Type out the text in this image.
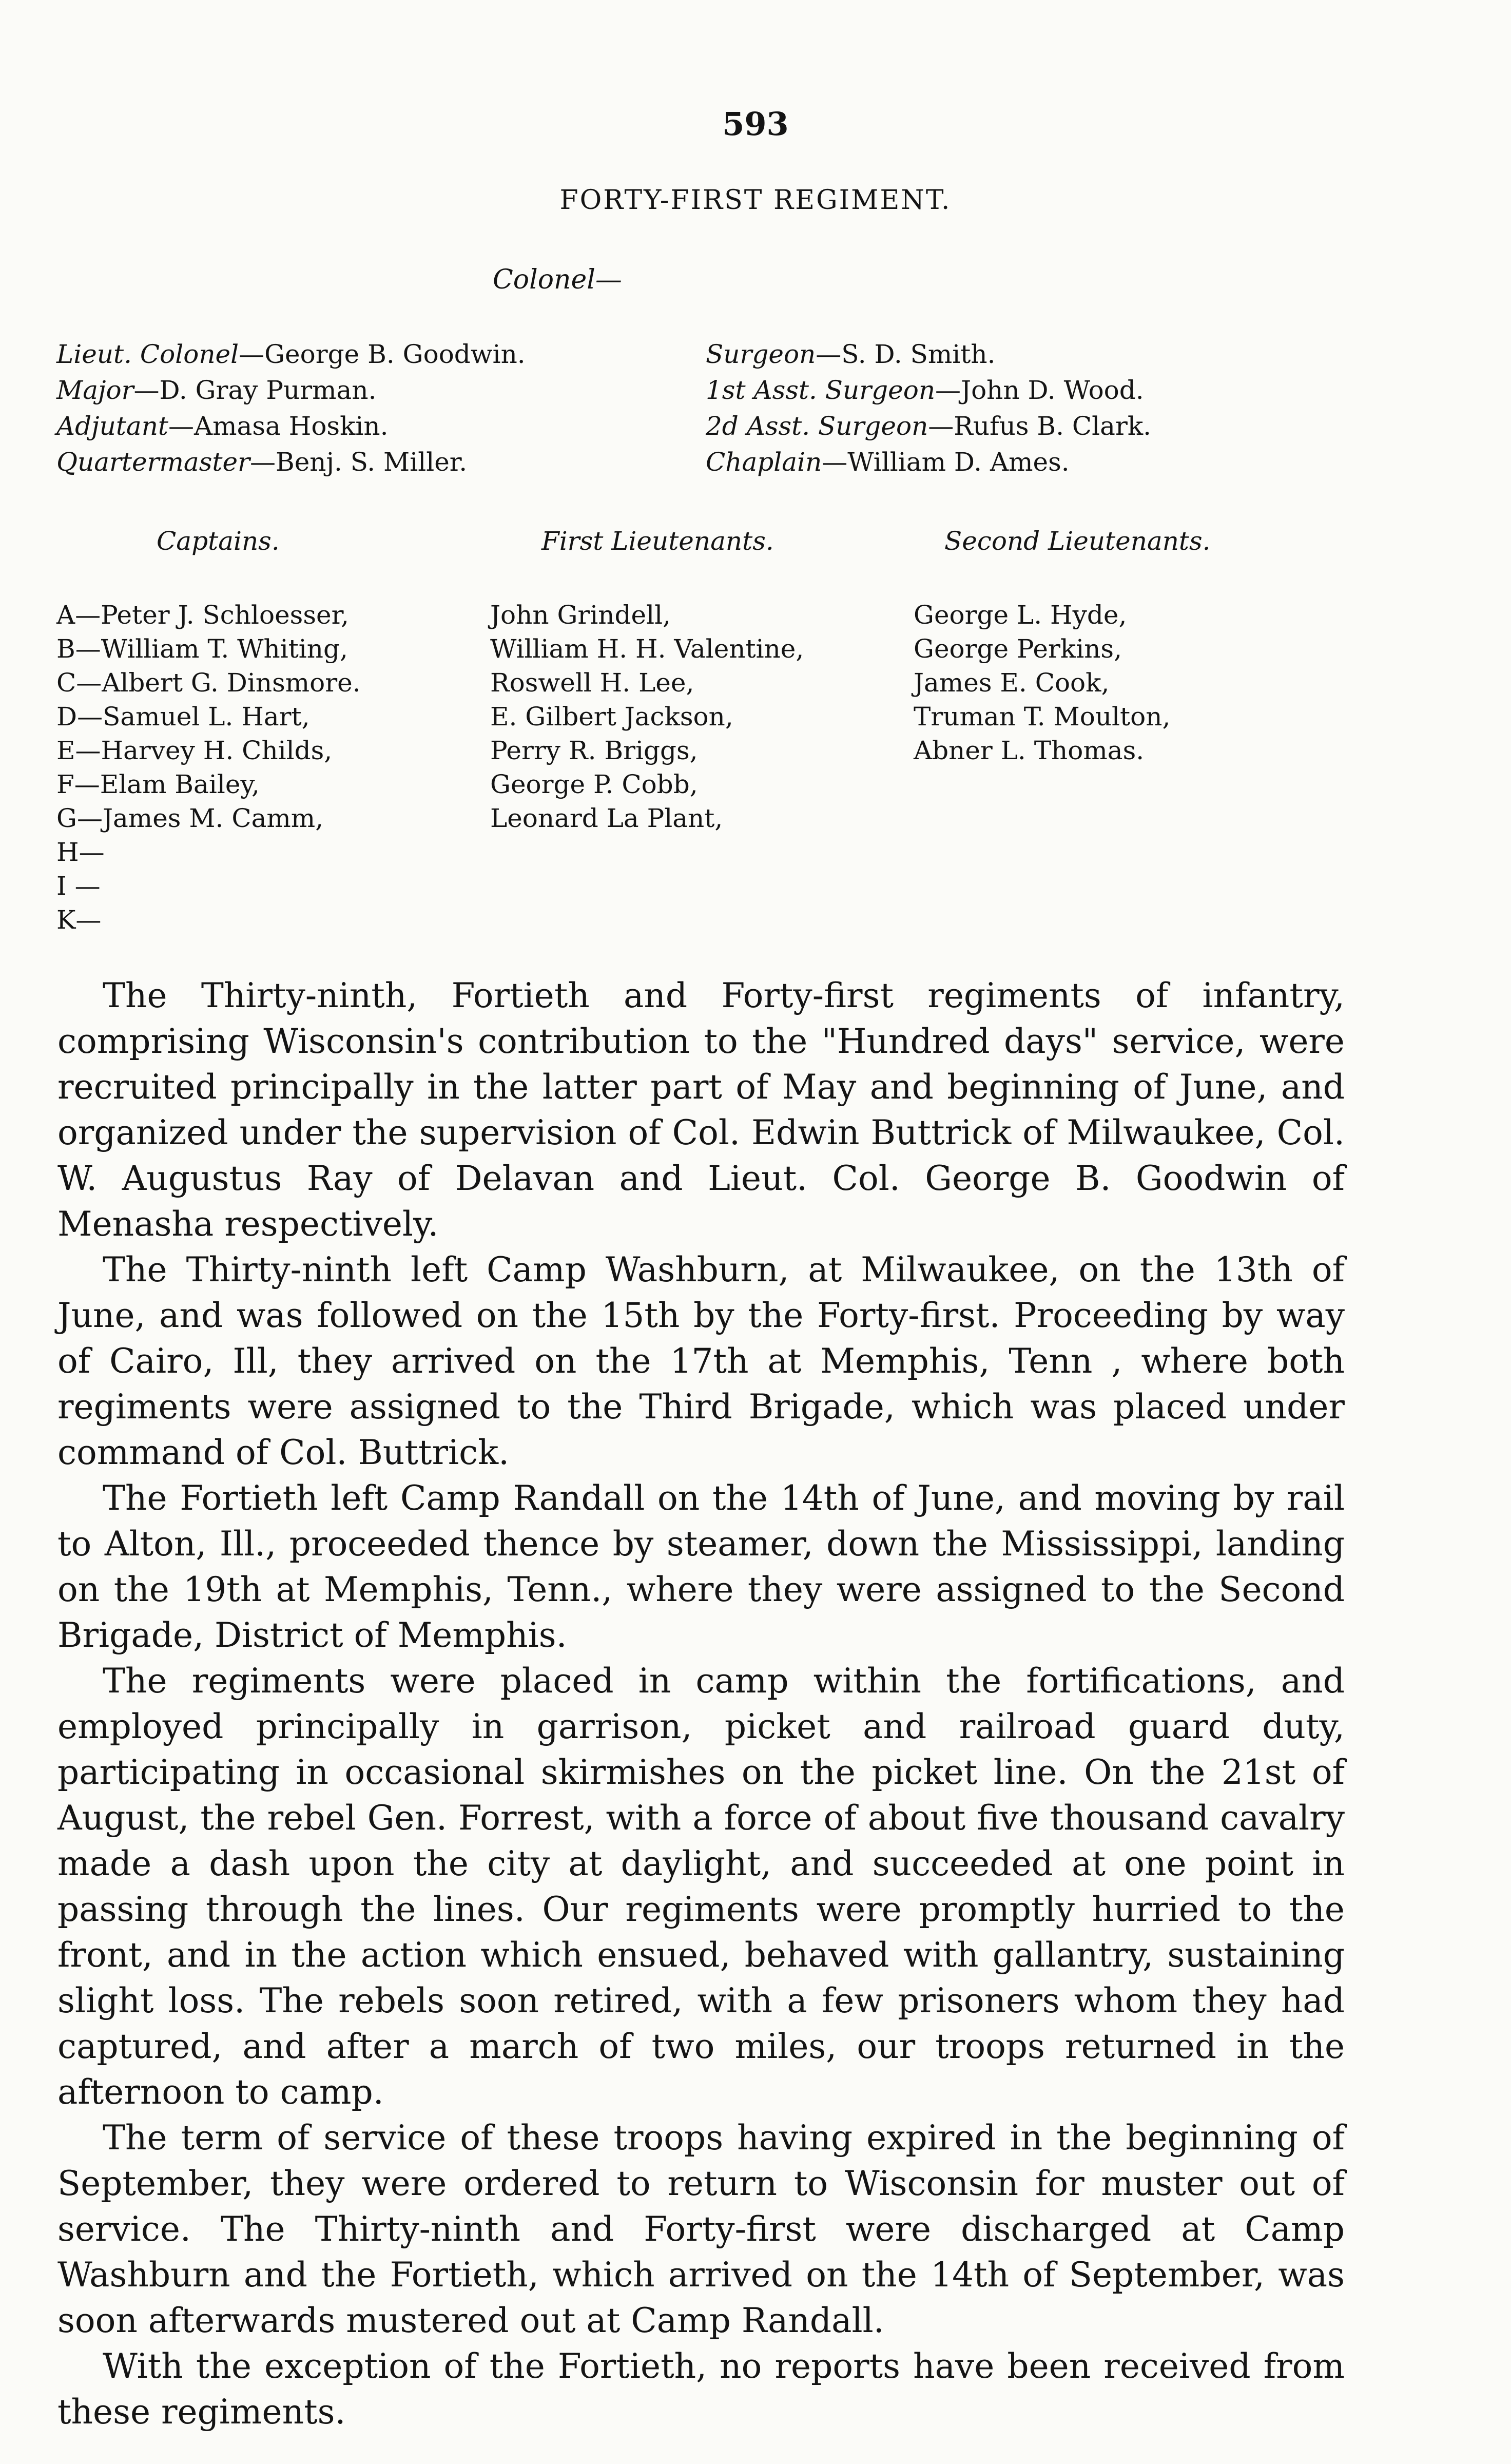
593
FORTY-FIRST REGIMENT.
Colonel—
Lieut. Colonel—George B. Goodwin.
Major—D. Gray Purman.
Adjutant—Amasa Hoskin.
Quartermaster—Benj. S. Miller.
Surgeon—S. D. Smith.
1st Asst. Surgeon—John D. Wood.
2d Asst. Surgeon—Rufus B. Clark.
Chaplain—William D. Ames.
Captains.	First Lieutenants.	Second Lieutenants.
A—Peter J. Schloesser,
B—William T. Whiting,
C—Albert G. Dinsmore.
D—Samuel L. Hart,
E—Harvey H. Childs,
F—Elam Bailey,
G—James M. Camm,
H—
I —
K—
John Grindell,
William H. H. Valentine,
Roswell H. Lee,
E. Gilbert Jackson,
Perry R. Briggs,
George P. Cobb,
Leonard La Plant,
George L. Hyde,
George Perkins,
James E. Cook,
Truman T. Moulton,
Abner L. Thomas.

The Thirty-ninth, Fortieth and Forty-first regiments of infantry, comprising Wisconsin's contribution to the "Hundred days" service, were recruited principally in the latter part of May and beginning of June, and organized under the supervision of Col. Edwin Buttrick of Milwaukee, Col. W. Augustus Ray of Delavan and Lieut. Col. George B. Goodwin of Menasha respectively.

The Thirty-ninth left Camp Washburn, at Milwaukee, on the 13th of June, and was followed on the 15th by the Forty-first. Proceeding by way of Cairo, Ill, they arrived on the 17th at Memphis, Tenn , where both regiments were assigned to the Third Brigade, which was placed under command of Col. Buttrick.

The Fortieth left Camp Randall on the 14th of June, and moving by rail to Alton, Ill., proceeded thence by steamer, down the Mississippi, landing on the 19th at Memphis, Tenn., where they were assigned to the Second Brigade, District of Memphis.

The regiments were placed in camp within the fortifications, and employed principally in garrison, picket and railroad guard duty, participating in occasional skirmishes on the picket line. On the 21st of August, the rebel Gen. Forrest, with a force of about five thousand cavalry made a dash upon the city at daylight, and succeeded at one point in passing through the lines. Our regiments were promptly hurried to the front, and in the action which ensued, behaved with gallantry, sustaining slight loss. The rebels soon retired, with a few prisoners whom they had captured, and after a march of two miles, our troops returned in the afternoon to camp.

The term of service of these troops having expired in the beginning of September, they were ordered to return to Wisconsin for muster out of service. The Thirty-ninth and Forty-first were discharged at Camp Washburn and the Fortieth, which arrived on the 14th of September, was soon afterwards mustered out at Camp Randall.

With the exception of the Fortieth, no reports have been received from these regiments.
